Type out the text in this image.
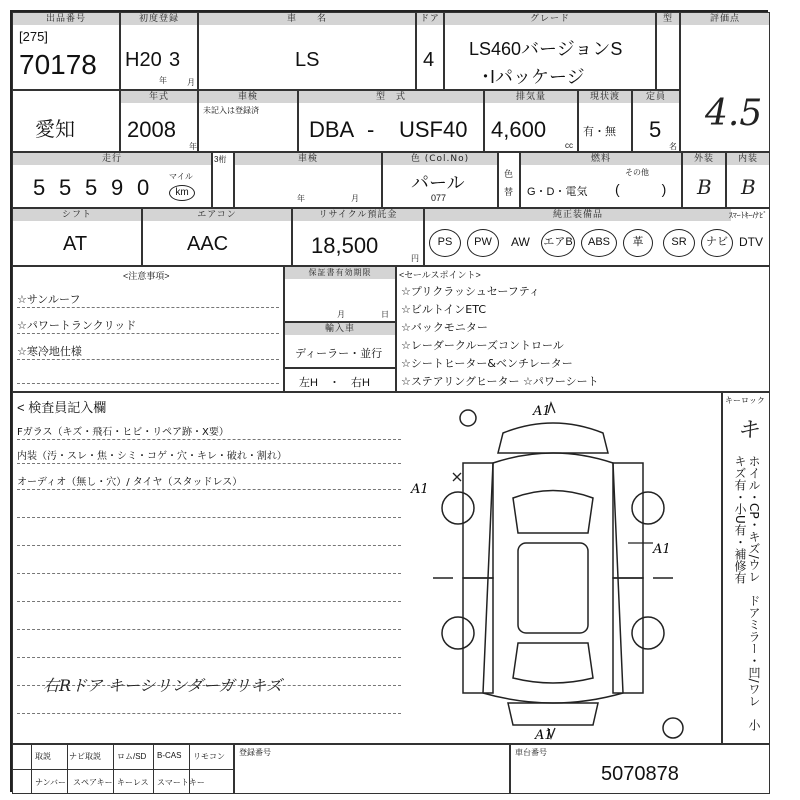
出品番号
[275]
70178
初度登録
H20 3
年	月
車　　名
LS
ドア
4
グレード
LS460バージョンS
･Iパッケージ
型	評価点
4.5
愛知
年式
2008
年
車検
未記入は登録済
型　式
DBA - USF40
排気量
4,600
cc
現状渡
有・無
定員
5
名
走行
5 5 5 9 0 マイル
km
3桁	車検
年	月
色 (Col.No)
パール
077
色
替
燃料
G・D・電気
その他
(　　　)
外装
B
内装
B
シフト
AT
エアコン
AAC
リサイクル預託金
18,500
円
純正装備品	ｽﾏｰﾄｷｰ/ﾅﾋﾞ
PS	PW	AW エアB	ABS	革	SR	ナビ DTV
<注意事項>
☆サンルーフ
☆パワートランクリッド
☆寒冷地仕様
保証書有効期限
月	日
輸入車
ディーラー・並行
左H　・　右H
<セールスポイント>
☆プリクラッシュセーフティ
☆ビルトインETC
☆バックモニター
☆レーダークルーズコントロール
☆シートヒーター&ベンチレーター
☆ステアリングヒーター ☆パワーシート
< 検査員記入欄
Fガラス（キズ・飛石・ヒビ・リペア跡・X要）
内装（汚・スレ・焦・シミ・コゲ・穴・キレ・破れ・割れ）
オーディオ（無し・穴）/ タイヤ（スタッドレス）
右Rドア キーシリンダーガリキズ
A1
A1
A1
A1
キーロック
キ
ホイル・CP・キズ/ウレ　ドアミラー・凹/ワレ　小キズ有・小U有・補修有
取説 ナビ取説 ロム/SD B-CAS リモコン
ナンバー スペアキー キーレス スマートキー
登録番号	車台番号
5070878
